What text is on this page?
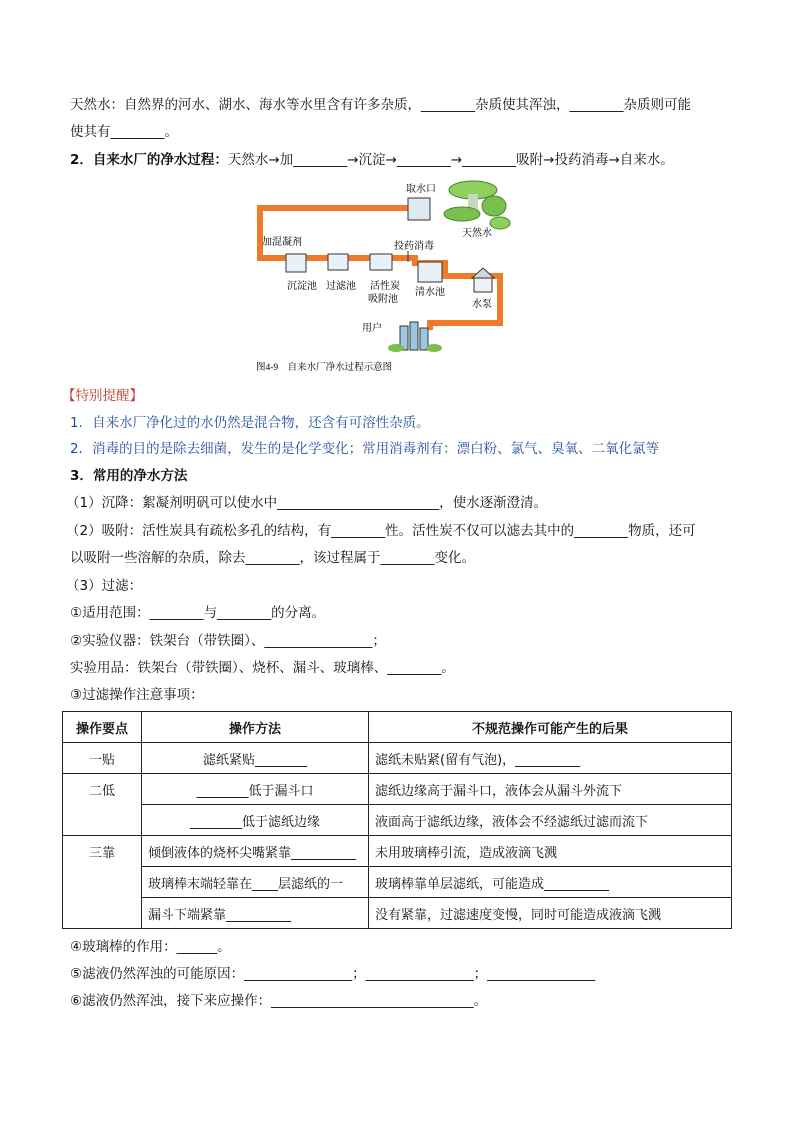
天然水：自然界的河水、湖水、海水等水里含有许多杂质，________杂质使其浑浊，________杂质则可能
使其有________。
2．自来水厂的净水过程：天然水→加________→沉淀→________→________吸附→投药消毒→自来水。
加混凝剂
沉淀池 过滤池 活性炭
吸附池
投药消毒
清水池
水泵
天然水
取水口
用户
图4-9　自来水厂净水过程示意图
【特别提醒】
1．自来水厂净化过的水仍然是混合物，还含有可溶性杂质。
2．消毒的目的是除去细菌，发生的是化学变化；常用消毒剂有：漂白粉、氯气、臭氧、二氧化氯等
3．常用的净水方法
（1）沉降：絮凝剂明矾可以使水中________________________，使水逐渐澄清。
（2）吸附：活性炭具有疏松多孔的结构，有________性。活性炭不仅可以滤去其中的________物质，还可
以吸附一些溶解的杂质，除去________，该过程属于________变化。
（3）过滤：
①适用范围：________与________的分离。
②实验仪器：铁架台（带铁圈）、________________；
实验用品：铁架台（带铁圈）、烧杯、漏斗、玻璃棒、________。
③过滤操作注意事项：
操作要点	操作方法	不规范操作可能产生的后果
一贴	滤纸紧贴________	滤纸未贴紧(留有气泡)，__________
二低	________低于漏斗口	滤纸边缘高于漏斗口，液体会从漏斗外流下
	________低于滤纸边缘	液面高于滤纸边缘，液体会不经滤纸过滤而流下
三靠	倾倒液体的烧杯尖嘴紧靠__________	未用玻璃棒引流，造成液滴飞溅
	玻璃棒末端轻靠在____层滤纸的一	玻璃棒靠单层滤纸，可能造成__________
	漏斗下端紧靠__________	没有紧靠，过滤速度变慢，同时可能造成液滴飞溅
④玻璃棒的作用：______。
⑤滤液仍然浑浊的可能原因：________________；________________；________________
⑥滤液仍然浑浊，接下来应操作：______________________________。
